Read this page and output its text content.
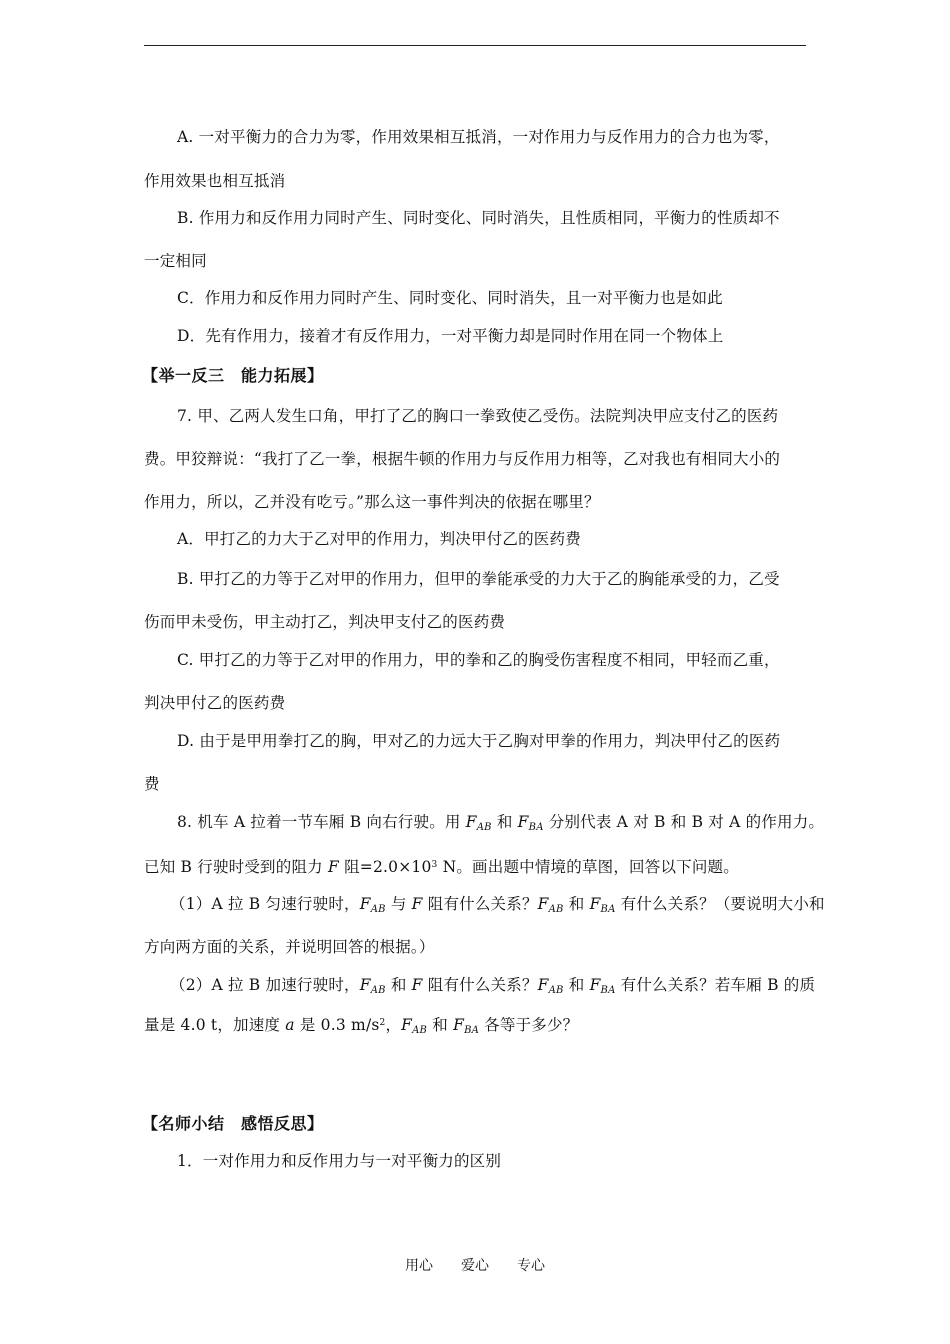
A. 一对平衡力的合力为零，作用效果相互抵消，一对作用力与反作用力的合力也为零，
作用效果也相互抵消
B. 作用力和反作用力同时产生、同时变化、同时消失，且性质相同，平衡力的性质却不
一定相同
C．作用力和反作用力同时产生、同时变化、同时消失，且一对平衡力也是如此
D．先有作用力，接着才有反作用力，一对平衡力却是同时作用在同一个物体上
【举一反三　能力拓展】
7. 甲、乙两人发生口角，甲打了乙的胸口一拳致使乙受伤。法院判决甲应支付乙的医药
费。甲狡辩说：“我打了乙一拳，根据牛顿的作用力与反作用力相等，乙对我也有相同大小的
作用力，所以，乙并没有吃亏。”那么这一事件判决的依据在哪里？
A．甲打乙的力大于乙对甲的作用力，判决甲付乙的医药费
B. 甲打乙的力等于乙对甲的作用力，但甲的拳能承受的力大于乙的胸能承受的力，乙受
伤而甲未受伤，甲主动打乙，判决甲支付乙的医药费
C. 甲打乙的力等于乙对甲的作用力，甲的拳和乙的胸受伤害程度不相同，甲轻而乙重，
判决甲付乙的医药费
D. 由于是甲用拳打乙的胸，甲对乙的力远大于乙胸对甲拳的作用力，判决甲付乙的医药
费
8. 机车 A 拉着一节车厢 B 向右行驶。用 $F_{AB}$ 和 $F_{BA}$ 分别代表 A 对 B 和 B 对 A 的作用力。
已知 B 行驶时受到的阻力 F 阻$=2.0\times 10^3$ N。画出题中情境的草图，回答以下问题。
（1）A 拉 B 匀速行驶时，$F_{AB}$ 与 F 阻有什么关系？$F_{AB}$ 和 $F_{BA}$ 有什么关系？（要说明大小和
方向两方面的关系，并说明回答的根据。）
（2）A 拉 B 加速行驶时，$F_{AB}$ 和 F 阻有什么关系？$F_{AB}$ 和 $F_{BA}$ 有什么关系？若车厢 B 的质
量是 4.0 t，加速度 a 是 0.3 $m/s^2$，$F_{AB}$ 和 $F_{BA}$ 各等于多少？
【名师小结　感悟反思】
1．一对作用力和反作用力与一对平衡力的区别
用心　　爱心　　专心
